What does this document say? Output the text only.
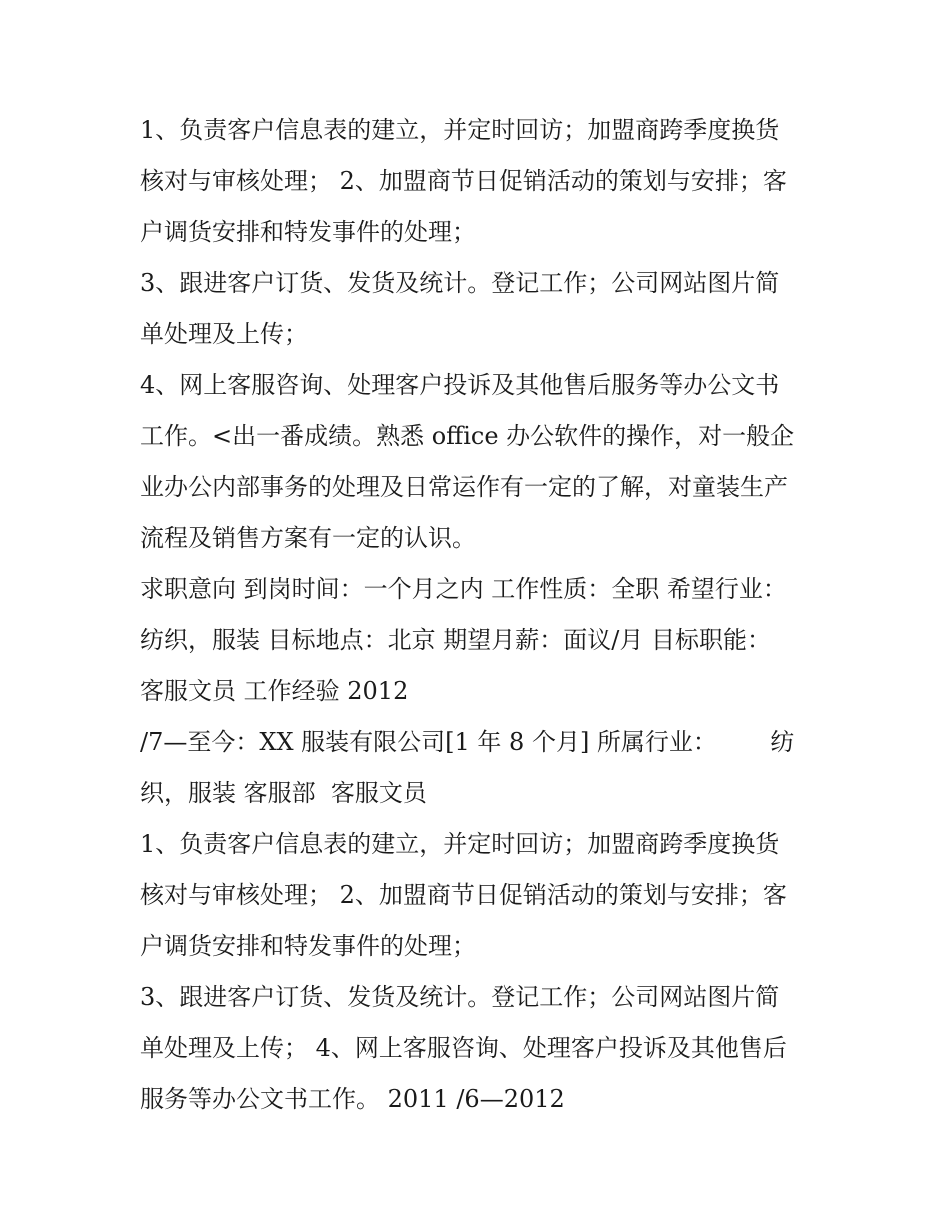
1、负责客户信息表的建立，并定时回访；加盟商跨季度换货
核对与审核处理； 2、加盟商节日促销活动的策划与安排；客
户调货安排和特发事件的处理；
3、跟进客户订货、发货及统计。登记工作；公司网站图片简
单处理及上传；
4、网上客服咨询、处理客户投诉及其他售后服务等办公文书
工作。<出一番成绩。熟悉 office 办公软件的操作，对一般企
业办公内部事务的处理及日常运作有一定的了解，对童装生产
流程及销售方案有一定的认识。
求职意向 到岗时间：一个月之内 工作性质：全职 希望行业：
纺织，服装 目标地点：北京 期望月薪：面议/月 目标职能：
客服文员 工作经验 2012
/7—至今：XX 服装有限公司[1 年 8 个月] 所属行业：       纺
织，服装 客服部  客服文员
1、负责客户信息表的建立，并定时回访；加盟商跨季度换货
核对与审核处理； 2、加盟商节日促销活动的策划与安排；客
户调货安排和特发事件的处理；
3、跟进客户订货、发货及统计。登记工作；公司网站图片简
单处理及上传； 4、网上客服咨询、处理客户投诉及其他售后
服务等办公文书工作。 2011 /6—2012
